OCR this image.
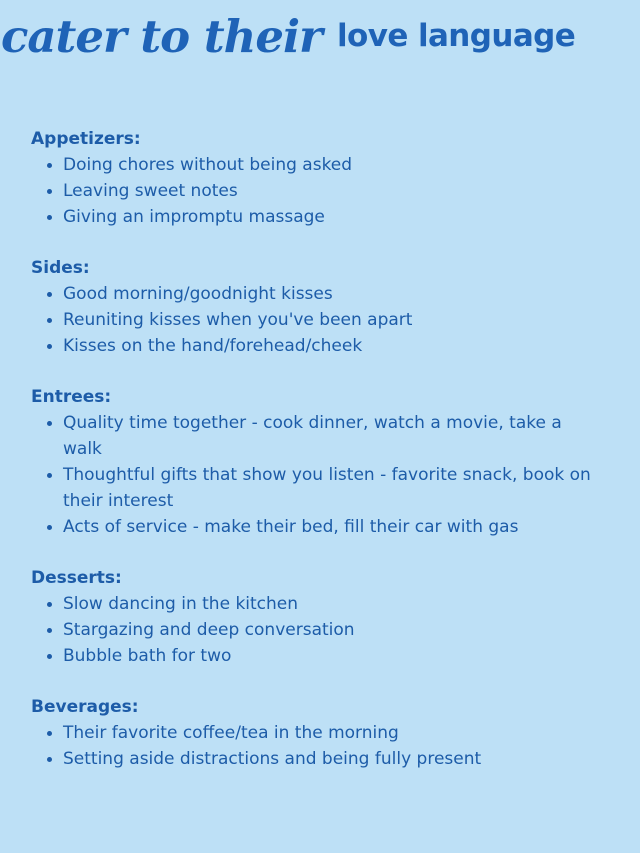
cater to their love language
Appetizers:
Doing chores without being asked
Leaving sweet notes
Giving an impromptu massage
Sides:
Good morning/goodnight kisses
Reuniting kisses when you've been apart
Kisses on the hand/forehead/cheek
Entrees:
Quality time together - cook dinner, watch a movie, take a walk
Thoughtful gifts that show you listen - favorite snack, book on their interest
Acts of service - make their bed, fill their car with gas
Desserts:
Slow dancing in the kitchen
Stargazing and deep conversation
Bubble bath for two
Beverages:
Their favorite coffee/tea in the morning
Setting aside distractions and being fully present
